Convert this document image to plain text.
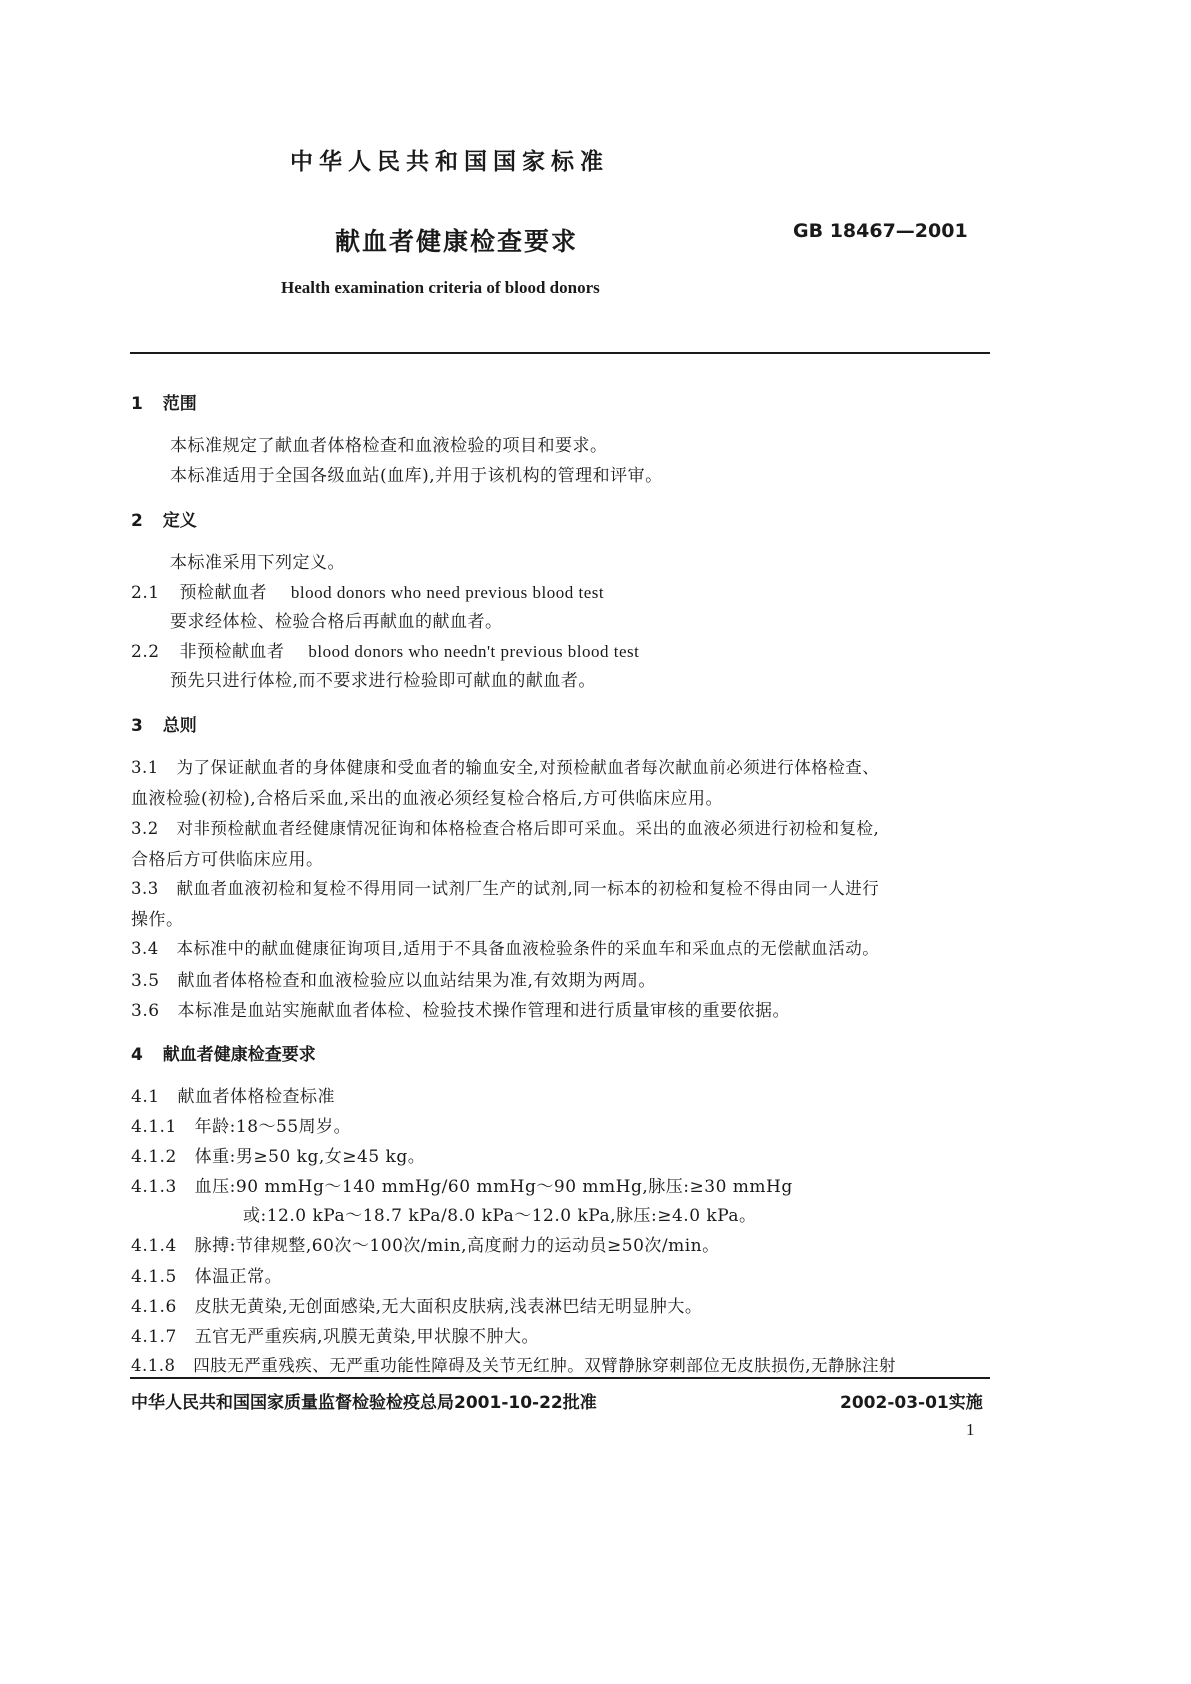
中华人民共和国国家标准
献血者健康检查要求	GB 18467—2001
Health examination criteria of blood donors
1 范围
本标准规定了献血者体格检查和血液检验的项目和要求。
本标准适用于全国各级血站(血库),并用于该机构的管理和评审。
2 定义
本标准采用下列定义。
2.1 预检献血者 blood donors who need previous blood test
要求经体检、检验合格后再献血的献血者。
2.2 非预检献血者 blood donors who needn't previous blood test
预先只进行体检,而不要求进行检验即可献血的献血者。
3 总则
3.1 为了保证献血者的身体健康和受血者的输血安全,对预检献血者每次献血前必须进行体格检查、
血液检验(初检),合格后采血,采出的血液必须经复检合格后,方可供临床应用。
3.2 对非预检献血者经健康情况征询和体格检查合格后即可采血。采出的血液必须进行初检和复检,
合格后方可供临床应用。
3.3 献血者血液初检和复检不得用同一试剂厂生产的试剂,同一标本的初检和复检不得由同一人进行
操作。
3.4 本标准中的献血健康征询项目,适用于不具备血液检验条件的采血车和采血点的无偿献血活动。
3.5 献血者体格检查和血液检验应以血站结果为准,有效期为两周。
3.6 本标准是血站实施献血者体检、检验技术操作管理和进行质量审核的重要依据。
4 献血者健康检查要求
4.1 献血者体格检查标准
4.1.1 年龄:18～55周岁。
4.1.2 体重:男≥50 kg,女≥45 kg。
4.1.3 血压:90 mmHg～140 mmHg/60 mmHg～90 mmHg,脉压:≥30 mmHg
或:12.0 kPa～18.7 kPa/8.0 kPa～12.0 kPa,脉压:≥4.0 kPa。
4.1.4 脉搏:节律规整,60次～100次/min,高度耐力的运动员≥50次/min。
4.1.5 体温正常。
4.1.6 皮肤无黄染,无创面感染,无大面积皮肤病,浅表淋巴结无明显肿大。
4.1.7 五官无严重疾病,巩膜无黄染,甲状腺不肿大。
4.1.8 四肢无严重残疾、无严重功能性障碍及关节无红肿。双臂静脉穿刺部位无皮肤损伤,无静脉注射
中华人民共和国国家质量监督检验检疫总局2001-10-22批准	2002-03-01实施
1
